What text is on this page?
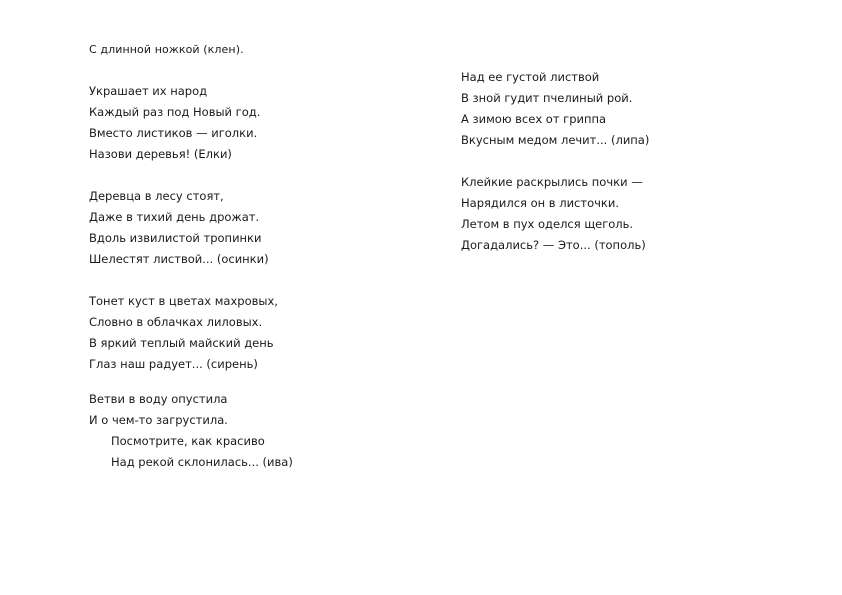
С длинной ножкой (клен).
Украшает их народ
Каждый раз под Новый год.
Вместо листиков — иголки.
Назови деревья! (Елки)
Деревца в лесу стоят,
Даже в тихий день дрожат.
Вдоль извилистой тропинки
Шелестят листвой... (осинки)
Тонет куст в цветах махровых,
Словно в облачках лиловых.
В яркий теплый майский день
Глаз наш радует... (сирень)
Ветви в воду опустила
И о чем-то загрустила.
Посмотрите, как красиво
Над рекой склонилась... (ива)
Над ее густой листвой
В зной гудит пчелиный рой.
А зимою всех от гриппа
Вкусным медом лечит... (липа)
Клейкие раскрылись почки —
Нарядился он в листочки.
Летом в пух оделся щеголь.
Догадались? — Это... (тополь)
